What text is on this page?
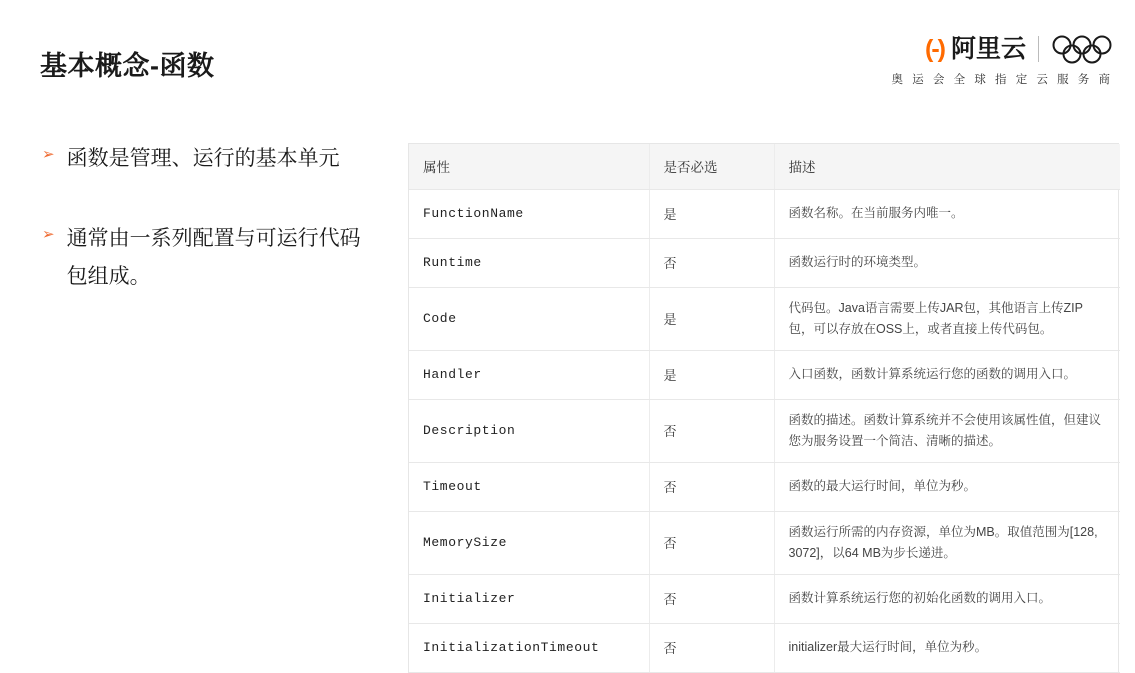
基本概念-函数
(-) 阿里云
奥 运 会 全 球 指 定 云 服 务 商
➢ 函数是管理、运行的基本单元
➢ 通常由一系列配置与可运行代码包组成。
属性	是否必选	描述
FunctionName	是	函数名称。在当前服务内唯一。
Runtime	否	函数运行时的环境类型。
Code	是	代码包。Java语言需要上传JAR包，其他语言上传ZIP包，可以存放在OSS上，或者直接上传代码包。
Handler	是	入口函数，函数计算系统运行您的函数的调用入口。
Description	否	函数的描述。函数计算系统并不会使用该属性值，但建议您为服务设置一个简洁、清晰的描述。
Timeout	否	函数的最大运行时间，单位为秒。
MemorySize	否	函数运行所需的内存资源，单位为MB。取值范围为[128, 3072]，以64 MB为步长递进。
Initializer	否	函数计算系统运行您的初始化函数的调用入口。
InitializationTimeout	否	initializer最大运行时间，单位为秒。
